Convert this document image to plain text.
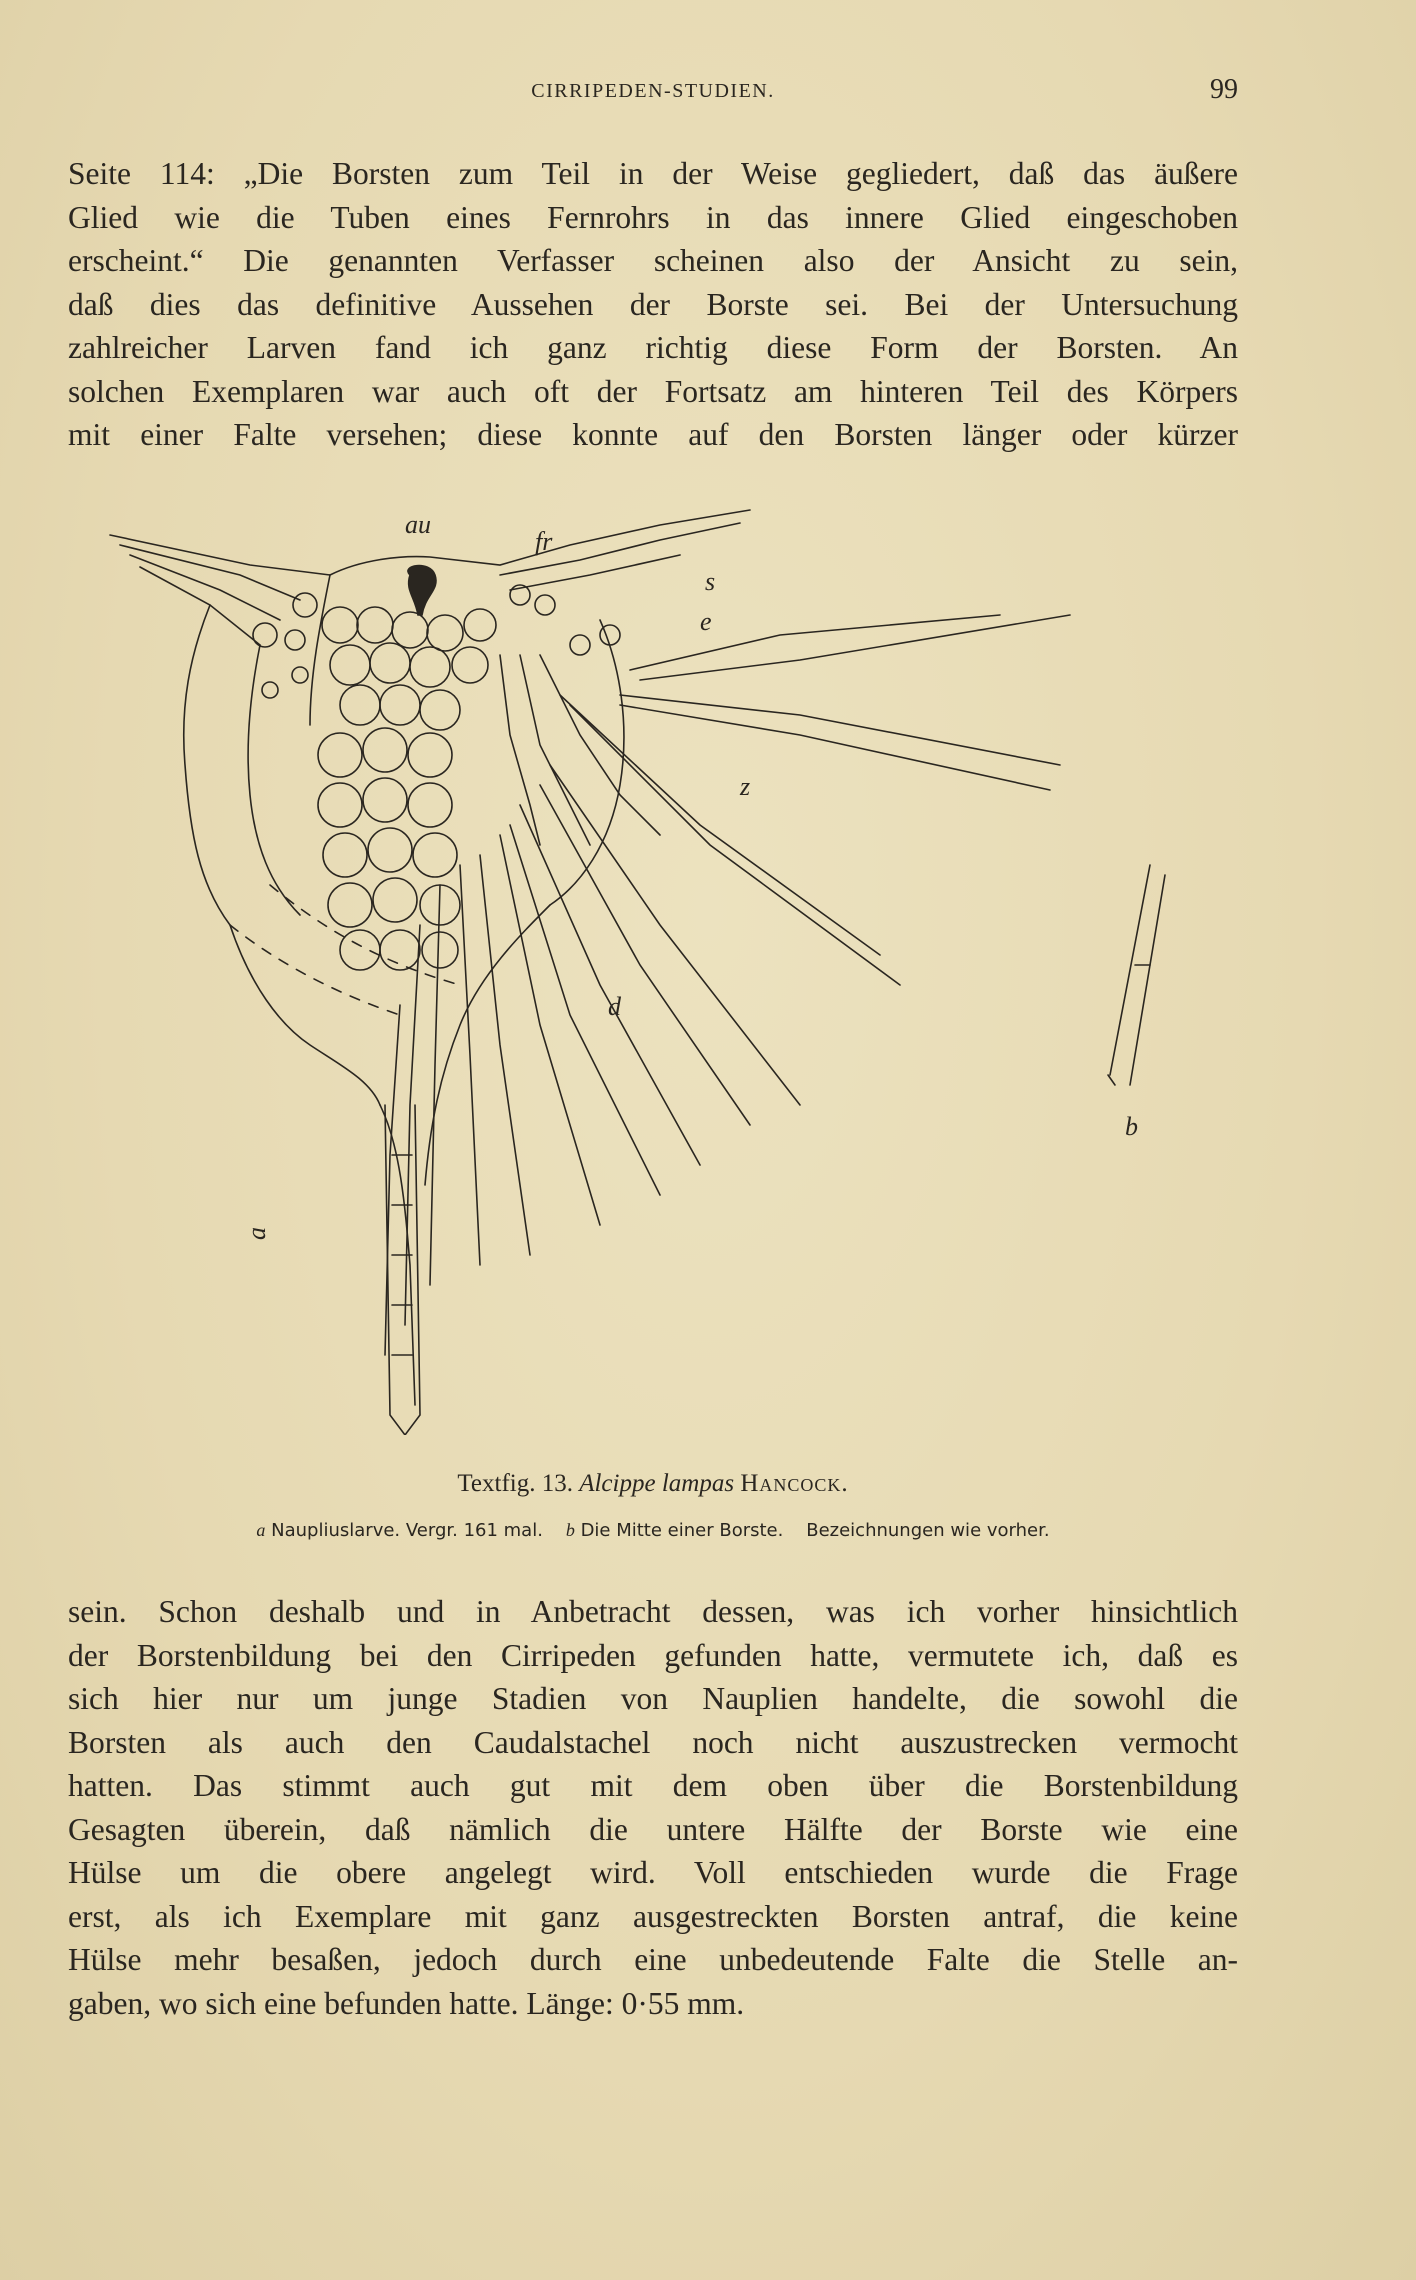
CIRRIPEDEN-STUDIEN.	99
Seite 114: „Die Borsten zum Teil in der Weise gegliedert, daß das äußere
Glied wie die Tuben eines Fernrohrs in das innere Glied eingeschoben
erscheint.“ Die genannten Verfasser scheinen also der Ansicht zu sein,
daß dies das definitive Aussehen der Borste sei. Bei der Untersuchung
zahlreicher Larven fand ich ganz richtig diese Form der Borsten. An
solchen Exemplaren war auch oft der Fortsatz am hinteren Teil des Körpers
mit einer Falte versehen; diese konnte auf den Borsten länger oder kürzer
au
fr
s
e
z
d
a
b
Textfig. 13. Alcippe lampas Hancock.
a Naupliuslarve. Vergr. 161 mal. b Die Mitte einer Borste. Bezeichnungen wie vorher.
sein. Schon deshalb und in Anbetracht dessen, was ich vorher hinsichtlich
der Borstenbildung bei den Cirripeden gefunden hatte, vermutete ich, daß es
sich hier nur um junge Stadien von Nauplien handelte, die sowohl die
Borsten als auch den Caudalstachel noch nicht auszustrecken vermocht
hatten. Das stimmt auch gut mit dem oben über die Borstenbildung
Gesagten überein, daß nämlich die untere Hälfte der Borste wie eine
Hülse um die obere angelegt wird. Voll entschieden wurde die Frage
erst, als ich Exemplare mit ganz ausgestreckten Borsten antraf, die keine
Hülse mehr besaßen, jedoch durch eine unbedeutende Falte die Stelle an-
gaben, wo sich eine befunden hatte. Länge: 0·55 mm.
